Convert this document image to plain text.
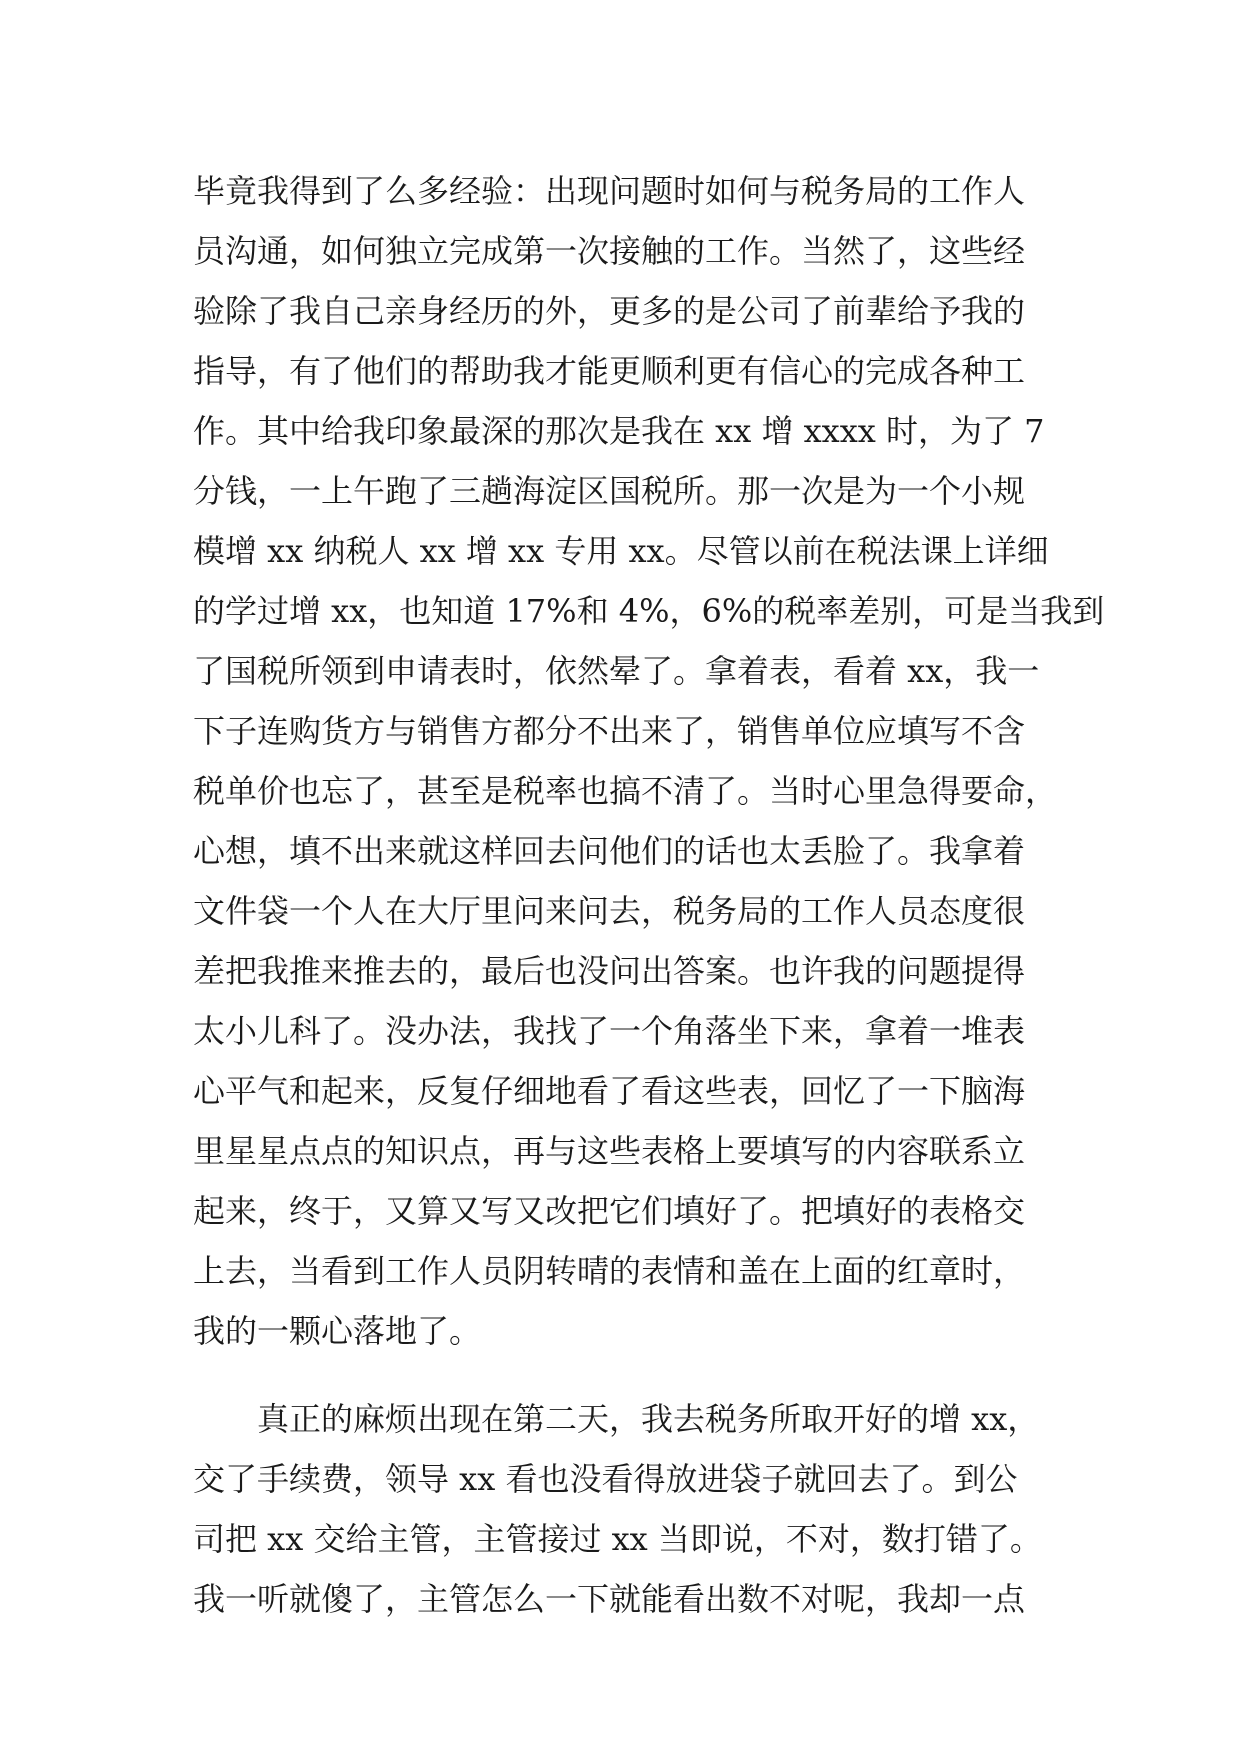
毕竟我得到了么多经验：出现问题时如何与税务局的工作人
员沟通，如何独立完成第一次接触的工作。当然了，这些经
验除了我自己亲身经历的外，更多的是公司了前辈给予我的
指导，有了他们的帮助我才能更顺利更有信心的完成各种工
作。其中给我印象最深的那次是我在 xx 增 xxxx 时，为了 7
分钱，一上午跑了三趟海淀区国税所。那一次是为一个小规
模增 xx 纳税人 xx 增 xx 专用 xx。尽管以前在税法课上详细
的学过增 xx，也知道 17%和 4%，6%的税率差别，可是当我到
了国税所领到申请表时，依然晕了。拿着表，看着 xx，我一
下子连购货方与销售方都分不出来了，销售单位应填写不含
税单价也忘了，甚至是税率也搞不清了。当时心里急得要命，
心想，填不出来就这样回去问他们的话也太丢脸了。我拿着
文件袋一个人在大厅里问来问去，税务局的工作人员态度很
差把我推来推去的，最后也没问出答案。也许我的问题提得
太小儿科了。没办法，我找了一个角落坐下来，拿着一堆表
心平气和起来，反复仔细地看了看这些表，回忆了一下脑海
里星星点点的知识点，再与这些表格上要填写的内容联系立
起来，终于，又算又写又改把它们填好了。把填好的表格交
上去，当看到工作人员阴转晴的表情和盖在上面的红章时，
我的一颗心落地了。
真正的麻烦出现在第二天，我去税务所取开好的增 xx，
交了手续费，领导 xx 看也没看得放进袋子就回去了。到公
司把 xx 交给主管，主管接过 xx 当即说，不对，数打错了。
我一听就傻了，主管怎么一下就能看出数不对呢，我却一点
